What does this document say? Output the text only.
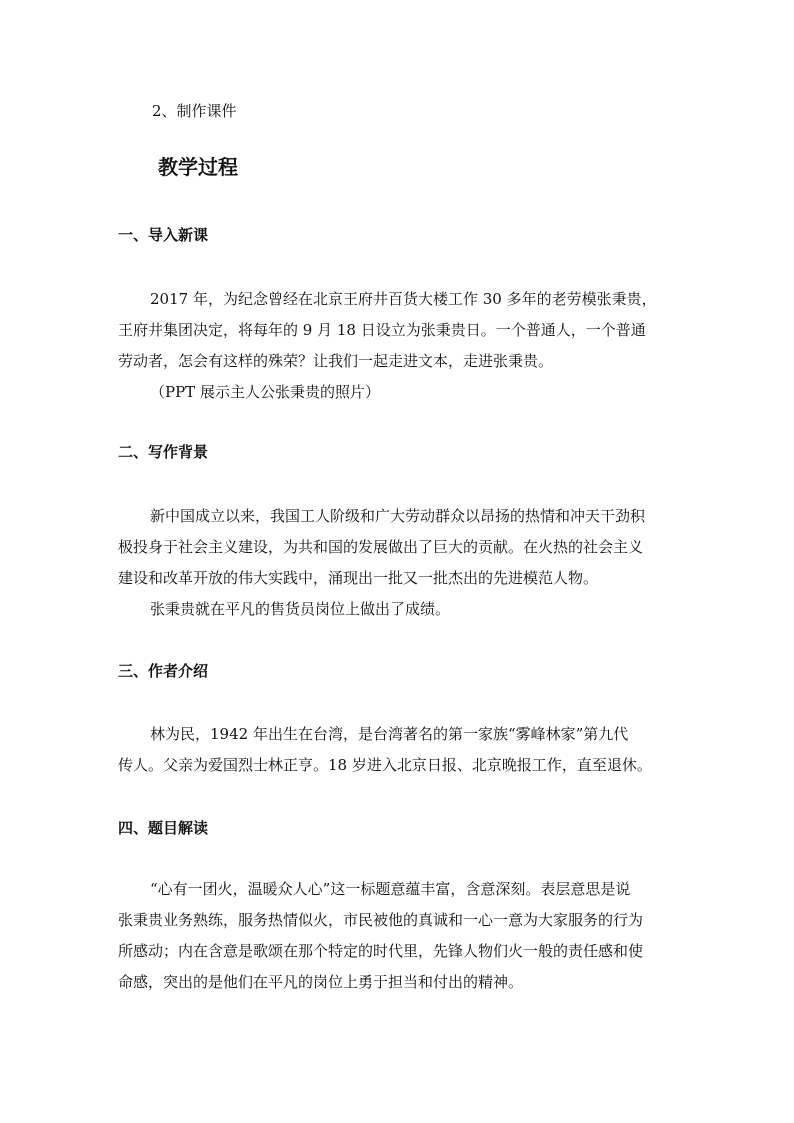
2、制作课件

教学过程
一、导入新课
2017 年，为纪念曾经在北京王府井百货大楼工作 30 多年的老劳模张秉贵，
王府井集团决定，将每年的 9 月 18 日设立为张秉贵日。一个普通人，一个普通
劳动者，怎会有这样的殊荣？让我们一起走进文本，走进张秉贵。
（PPT 展示主人公张秉贵的照片）
二、写作背景
新中国成立以来，我国工人阶级和广大劳动群众以昂扬的热情和冲天干劲积
极投身于社会主义建设，为共和国的发展做出了巨大的贡献。在火热的社会主义
建设和改革开放的伟大实践中，涌现出一批又一批杰出的先进模范人物。
张秉贵就在平凡的售货员岗位上做出了成绩。
三、作者介绍
林为民，1942 年出生在台湾，是台湾著名的第一家族“雾峰林家”第九代
传人。父亲为爱国烈士林正亨。18 岁进入北京日报、北京晚报工作，直至退休。
四、题目解读
“心有一团火，温暖众人心”这一标题意蕴丰富，含意深刻。表层意思是说
张秉贵业务熟练，服务热情似火，市民被他的真诚和一心一意为大家服务的行为
所感动；内在含意是歌颂在那个特定的时代里，先锋人物们火一般的责任感和使
命感，突出的是他们在平凡的岗位上勇于担当和付出的精神。
